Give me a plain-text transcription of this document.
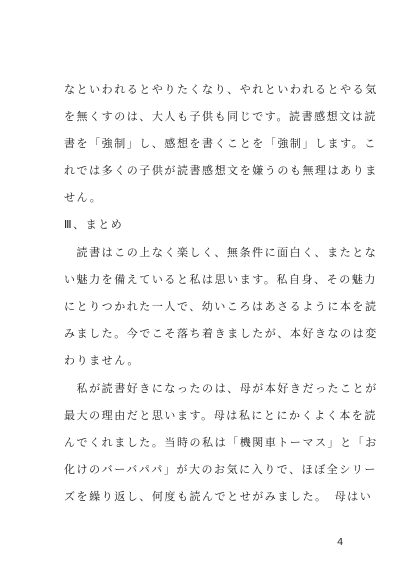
なといわれるとやりたくなり、やれといわれるとやる気
を無くすのは、大人も子供も同じです。読書感想文は読
書を「強制」し、感想を書くことを「強制」します。こ
れでは多くの子供が読書感想文を嫌うのも無理はありま
せん。
Ⅲ、まとめ
　読書はこの上なく楽しく、無条件に面白く、またとな
い魅力を備えていると私は思います。私自身、その魅力
にとりつかれた一人で、幼いころはあさるように本を読
みました。今でこそ落ち着きましたが、本好きなのは変
わりません。
　私が読書好きになったのは、母が本好きだったことが
最大の理由だと思います。母は私にとにかくよく本を読
んでくれました。当時の私は「機関車トーマス」と「お
化けのバーバパパ」が大のお気に入りで、ほぼ全シリー
ズを繰り返し、何度も読んでとせがみました。　母はい
4
